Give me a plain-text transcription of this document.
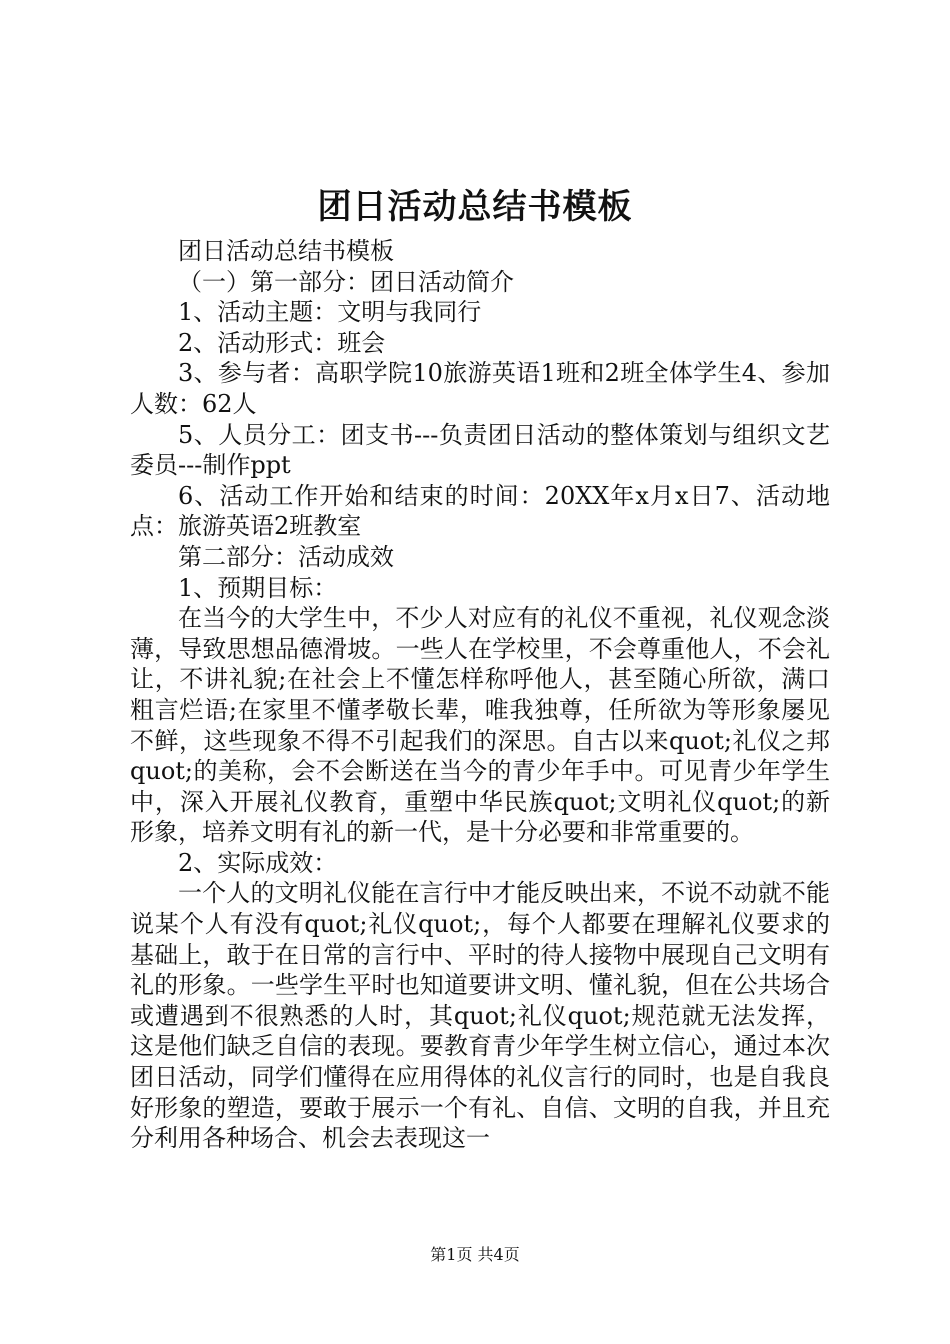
团日活动总结书模板

团日活动总结书模板

（一）第一部分：团日活动简介

1、活动主题：文明与我同行

2、活动形式：班会

3、参与者：高职学院10旅游英语1班和2班全体学生4、参加人数：62人

5、人员分工：团支书---负责团日活动的整体策划与组织文艺委员---制作ppt

6、活动工作开始和结束的时间：20XX年x月x日7、活动地点：旅游英语2班教室

第二部分：活动成效

1、预期目标：

在当今的大学生中，不少人对应有的礼仪不重视，礼仪观念淡薄，导致思想品德滑坡。一些人在学校里，不会尊重他人，不会礼让，不讲礼貌;在社会上不懂怎样称呼他人，甚至随心所欲，满口粗言烂语;在家里不懂孝敬长辈，唯我独尊，任所欲为等形象屡见不鲜，这些现象不得不引起我们的深思。自古以来quot;礼仪之邦quot;的美称，会不会断送在当今的青少年手中。可见青少年学生中，深入开展礼仪教育，重塑中华民族quot;文明礼仪quot;的新形象，培养文明有礼的新一代，是十分必要和非常重要的。

2、实际成效：

一个人的文明礼仪能在言行中才能反映出来，不说不动就不能说某个人有没有quot;礼仪quot;，每个人都要在理解礼仪要求的基础上，敢于在日常的言行中、平时的待人接物中展现自己文明有礼的形象。一些学生平时也知道要讲文明、懂礼貌，但在公共场合或遭遇到不很熟悉的人时，其quot;礼仪quot;规范就无法发挥，这是他们缺乏自信的表现。要教育青少年学生树立信心，通过本次团日活动，同学们懂得在应用得体的礼仪言行的同时，也是自我良好形象的塑造，要敢于展示一个有礼、自信、文明的自我，并且充分利用各种场合、机会去表现这一

第1页 共4页
